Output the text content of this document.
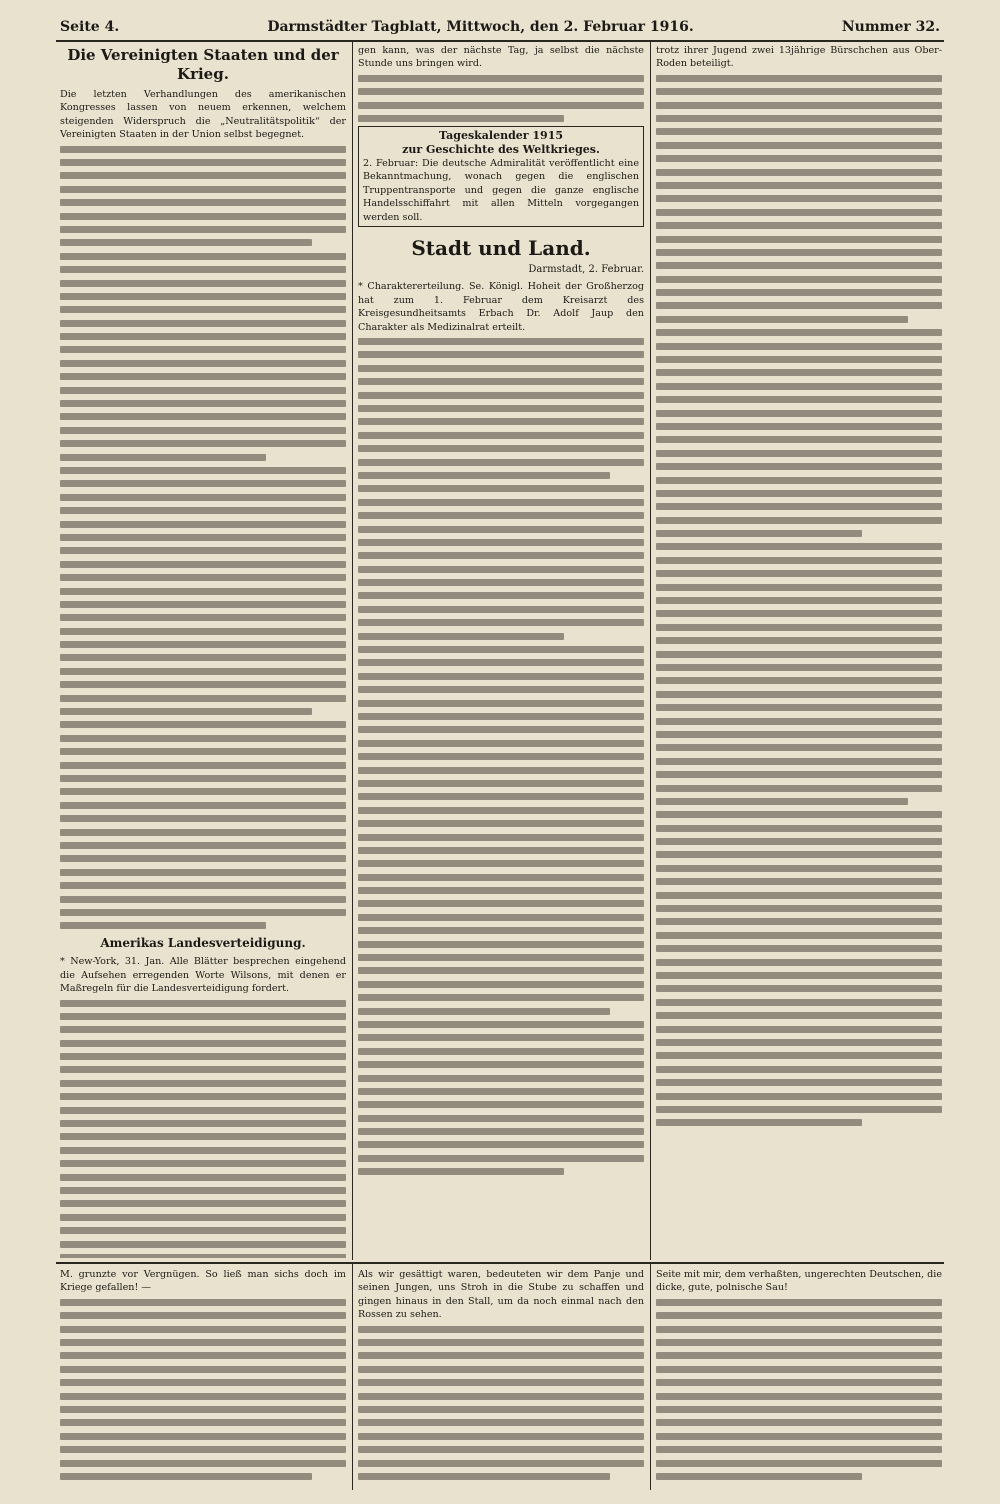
Seite 4.	Darmstädter Tagblatt, Mittwoch, den 2. Februar 1916.	Nummer 32.
Die Vereinigten Staaten und der Krieg.

Die letzten Verhandlungen des amerikanischen Kongresses lassen von neuem erkennen, welchem steigenden Widerspruch die „Neutralitätspolitik“ der Vereinigten Staaten in der Union selbst begegnet.

Amerikas Landesverteidigung.

* New-York, 31. Jan. Alle Blätter besprechen eingehend die Aufsehen erregenden Worte Wilsons, mit denen er Maßregeln für die Landesverteidigung fordert.

gen kann, was der nächste Tag, ja selbst die nächste Stunde uns bringen wird.

Tageskalender 1915
zur Geschichte des Weltkrieges.

2. Februar: Die deutsche Admiralität veröffentlicht eine Bekanntmachung, wonach gegen die englischen Truppentransporte und gegen die ganze englische Handelsschiffahrt mit allen Mitteln vorgegangen werden soll.

Stadt und Land.
Darmstadt, 2. Februar.

* Charaktererteilung. Se. Königl. Hoheit der Großherzog hat zum 1. Februar dem Kreisarzt des Kreisgesundheitsamts Erbach Dr. Adolf Jaup den Charakter als Medizinalrat erteilt.

trotz ihrer Jugend zwei 13jährige Bürschchen aus Ober-Roden beteiligt.

M. grunzte vor Vergnügen. So ließ man sichs doch im Kriege gefallen! —

Als wir gesättigt waren, bedeuteten wir dem Panje und seinen Jungen, uns Stroh in die Stube zu schaffen und gingen hinaus in den Stall, um da noch einmal nach den Rossen zu sehen.

Seite mit mir, dem verhaßten, ungerechten Deutschen, die dicke, gute, polnische Sau!
